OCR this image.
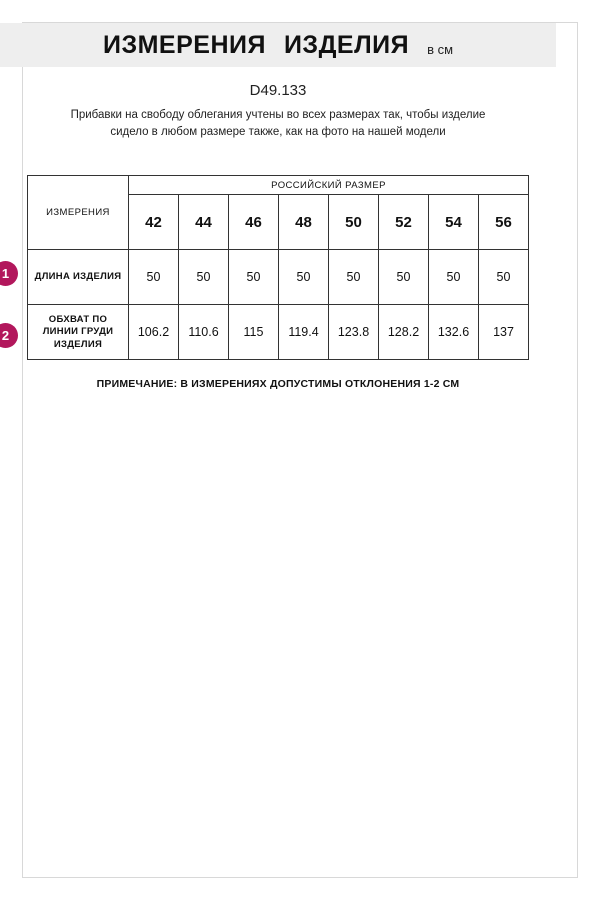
ИЗМЕРЕНИЯ ИЗДЕЛИЯ в см
D49.133
Прибавки на свободу облегания учтены во всех размерах так, чтобы изделие сидело в любом размере также, как на фото на нашей модели
1
2
ИЗМЕРЕНИЯ	РОССИЙСКИЙ РАЗМЕР							
	42	44	46	48	50	52	54	56
ДЛИНА ИЗДЕЛИЯ	50	50	50	50	50	50	50	50
ОБХВАТ ПО ЛИНИИ ГРУДИ ИЗДЕЛИЯ	106.2	110.6	115	119.4	123.8	128.2	132.6	137
ПРИМЕЧАНИЕ: В ИЗМЕРЕНИЯХ ДОПУСТИМЫ ОТКЛОНЕНИЯ 1-2 СМ
